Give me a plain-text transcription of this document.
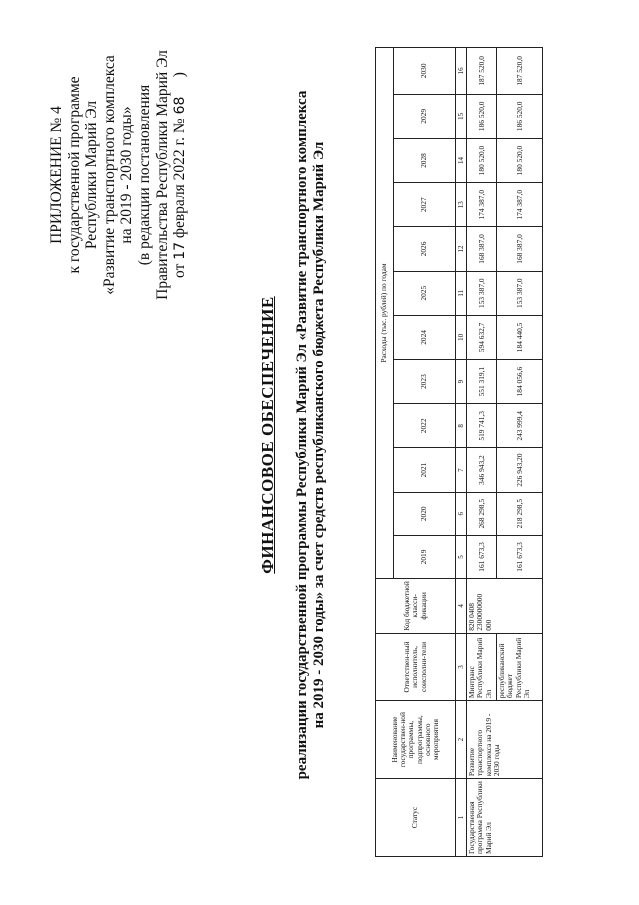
ПРИЛОЖЕНИЕ № 4 к государственной программе Республики Марий Эл «Развитие транспортного комплекса на 2019 - 2030 годы» (в редакции постановления Правительства Республики Марий Эл от 17 февраля 2022 г. № 68     )
ФИНАНСОВОЕ ОБЕСПЕЧЕНИЕ реализации государственной программы Республики Марий Эл «Развитие транспортного комплекса на 2019 - 2030 годы» за счет средств республиканского бюджета Республики Марий Эл
Статус	Наименование государствен-ной программы, подпрограммы, основного мероприятия	Ответствен-ный исполнитель, соисполни-тели	Код бюджетной класси-фикации	Расходы (тыс. рублей) по годам											
				2019	2020	2021	2022	2023	2024	2025	2026	2027	2028	2029	2030
1	2	3	4	5	6	7	8	9	10	11	12	13	14	15	16
Государственная программа Республики Марий Эл	Развитие транспортного комплекса на 2019 - 2030 годы	Минтранс Республики Марий Эл	820 0408 2300000000 000	161 673,3	268 298,5	346 943,2	519 741,3	551 319,1	594 632,7	153 387,0	168 387,0	174 387,0	180 520,0	186 520,0	187 520,0
		республиканский бюджет Республики Марий Эл		161 673,3	218 298,5	226 943,20	243 999,4	184 056,6	184 440,5	153 387,0	168 387,0	174 387,0	180 520,0	186 520,0	187 520,0
